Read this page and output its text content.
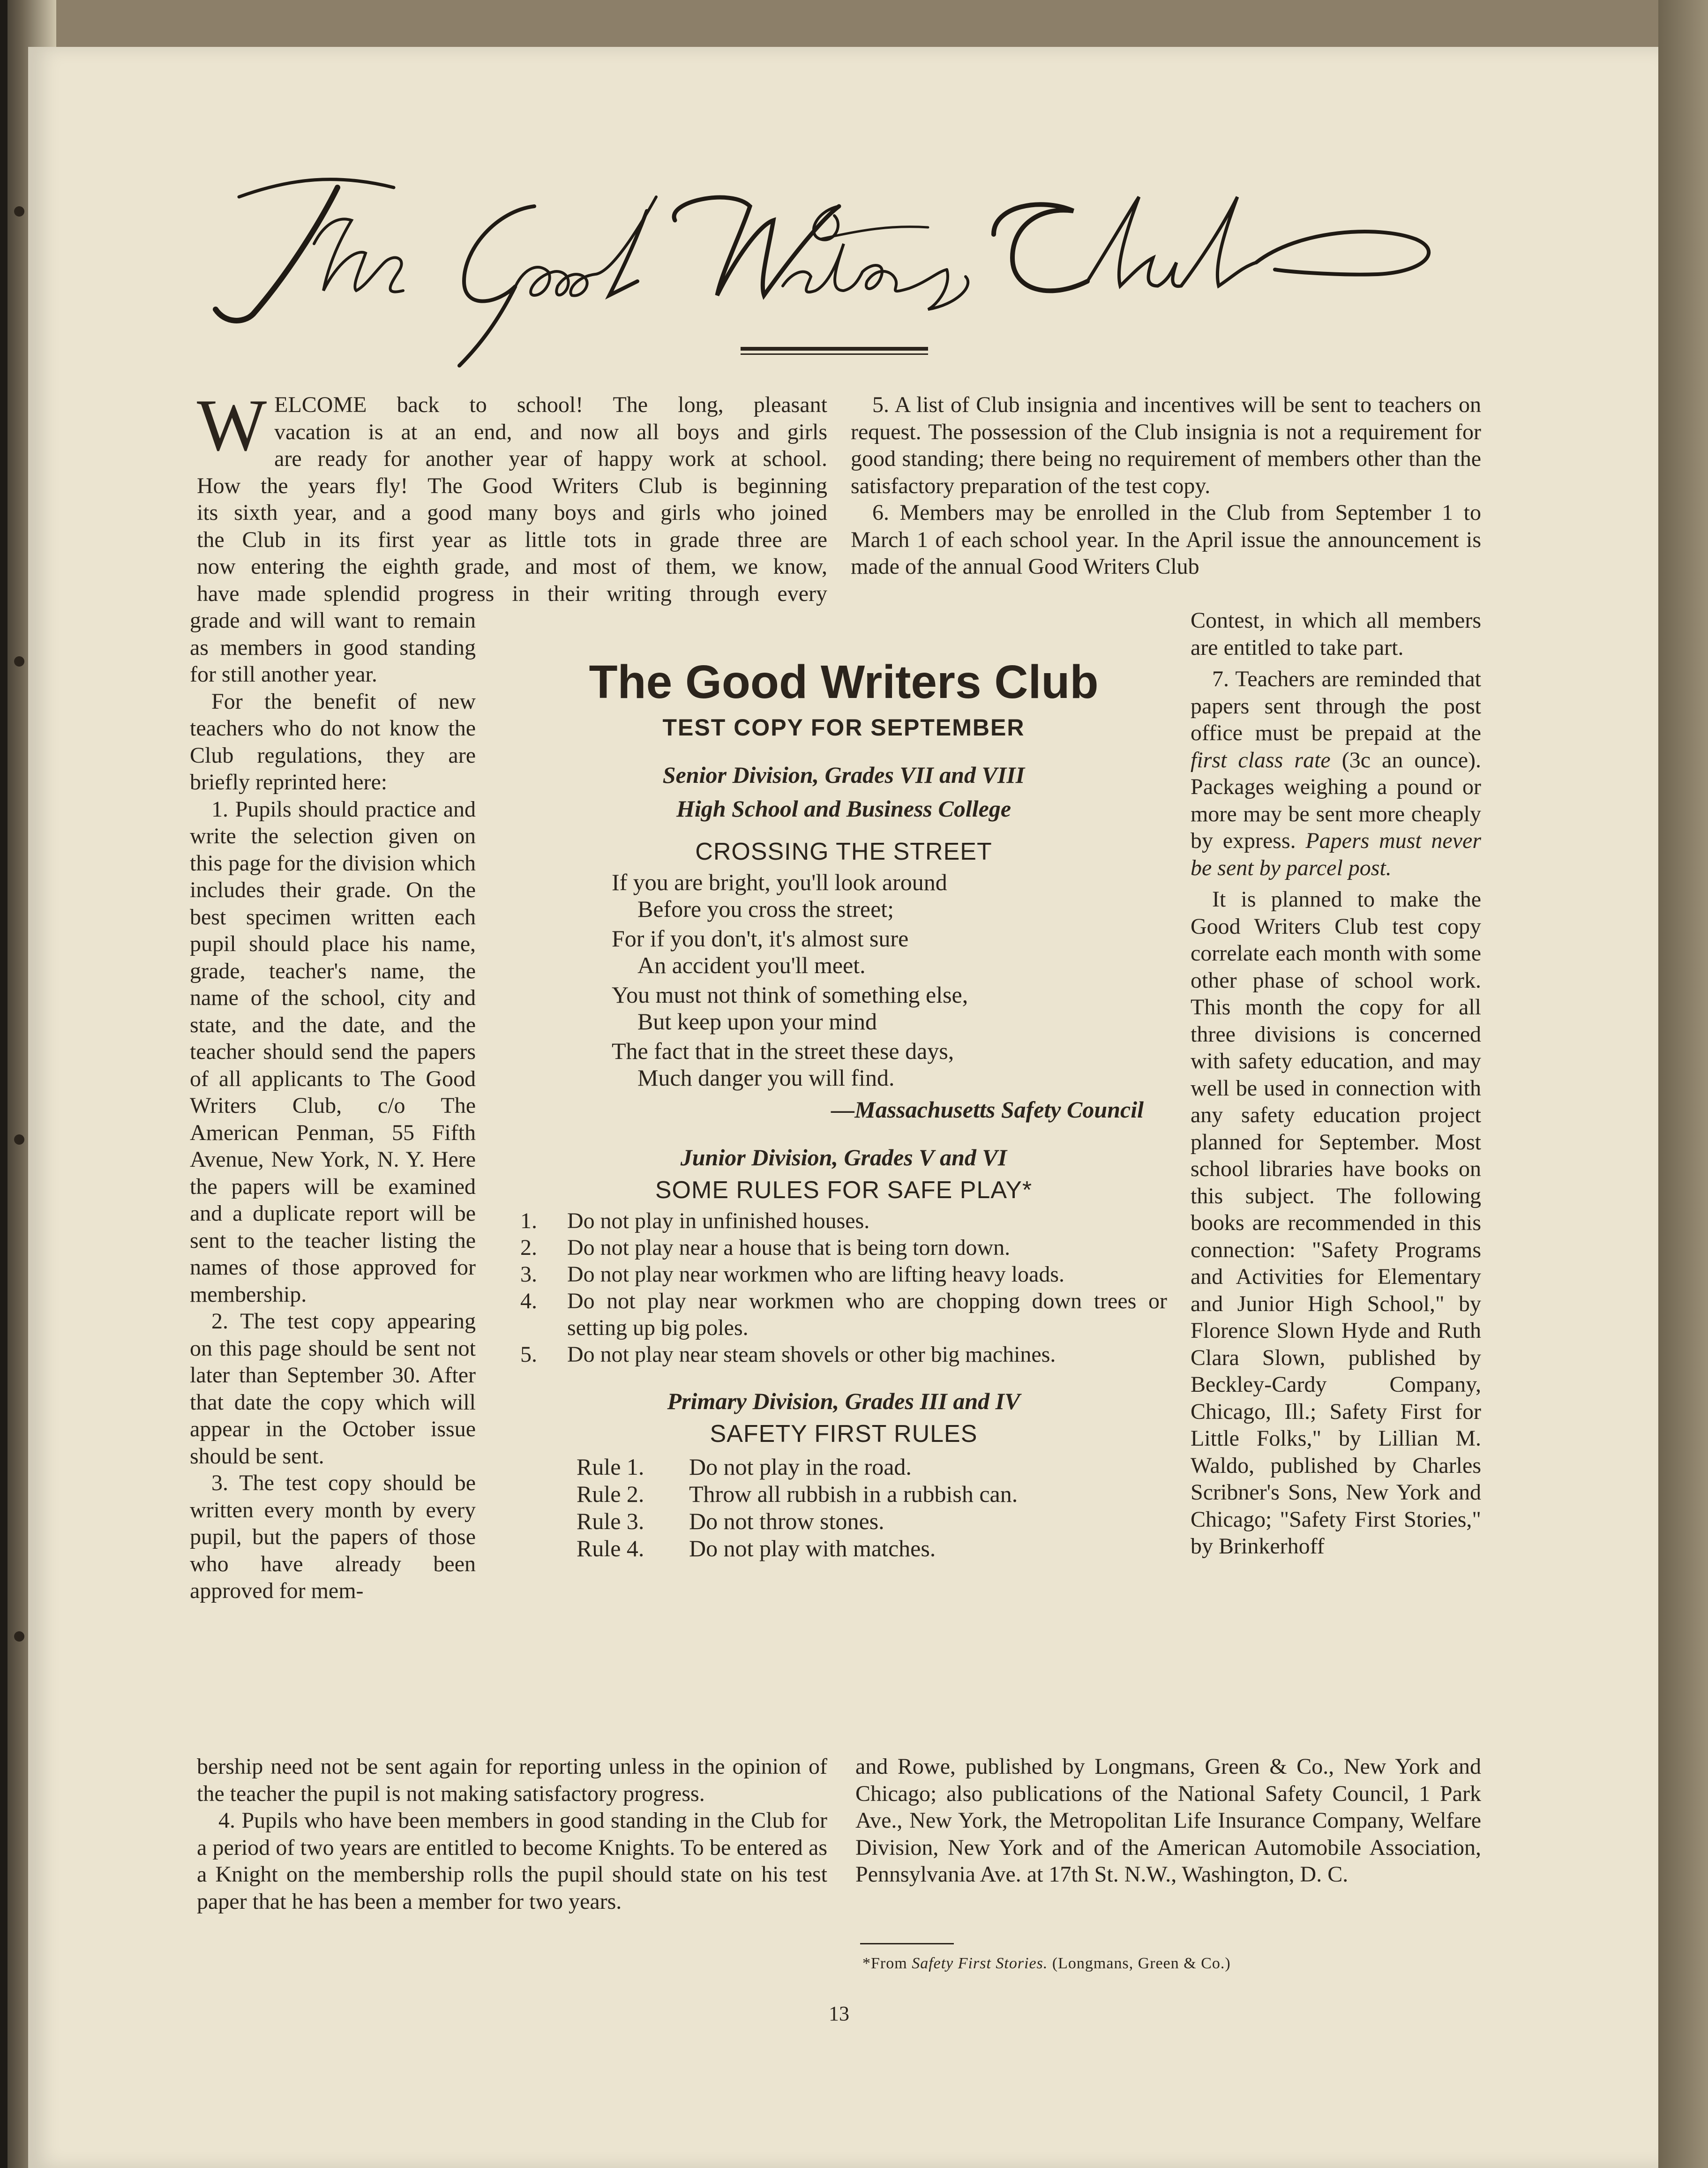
W ELCOME back to school! The long, pleasant
vacation is at an end, and now all boys and girls
are ready for another year of happy work at school.
How the years fly! The Good Writers Club is beginning
its sixth year, and a good many boys and girls who joined
the Club in its first year as little tots in grade three are
now entering the eighth grade, and most of them, we know,
have made splendid progress in their writing through every

grade and will want to remain as members in good standing for still another year.

For the benefit of new teachers who do not know the Club regulations, they are briefly reprinted here:

1. Pupils should practice and write the selection given on this page for the division which includes their grade. On the best specimen written each pupil should place his name, grade, teacher's name, the name of the school, city and state, and the date, and the teacher should send the papers of all applicants to The Good Writers Club, c/o The American Penman, 55 Fifth Avenue, New York, N. Y. Here the papers will be examined and a duplicate report will be sent to the teacher listing the names of those approved for membership.

2. The test copy appearing on this page should be sent not later than September 30. After that date the copy which will appear in the October issue should be sent.

3. The test copy should be written every month by every pupil, but the papers of those who have already been approved for mem-

bership need not be sent again for reporting unless in the opinion of the teacher the pupil is not making satisfactory progress.

4. Pupils who have been members in good standing in the Club for a period of two years are entitled to become Knights. To be entered as a Knight on the membership rolls the pupil should state on his test paper that he has been a member for two years.

5. A list of Club insignia and incentives will be sent to teachers on request. The possession of the Club insignia is not a requirement for good standing; there being no requirement of members other than the satisfactory preparation of the test copy.

6. Members may be enrolled in the Club from September 1 to March 1 of each school year. In the April issue the announcement is made of the annual Good Writers Club

Contest, in which all members are entitled to take part.

7. Teachers are reminded that papers sent through the post office must be prepaid at the first class rate (3c an ounce). Packages weighing a pound or more may be sent more cheaply by express. Papers must never be sent by parcel post.

It is planned to make the Good Writers Club test copy correlate each month with some other phase of school work. This month the copy for all three divisions is concerned with safety education, and may well be used in connection with any safety education project planned for September. Most school libraries have books on this subject. The following books are recommended in this connection: "Safety Programs and Activities for Elementary and Junior High School," by Florence Slown Hyde and Ruth Clara Slown, published by Beckley-Cardy Company, Chicago, Ill.; Safety First for Little Folks," by Lillian M. Waldo, published by Charles Scribner's Sons, New York and Chicago; "Safety First Stories," by Brinkerhoff

and Rowe, published by Longmans, Green & Co., New York and Chicago; also publications of the National Safety Council, 1 Park Ave., New York, the Metropolitan Life Insurance Company, Welfare Division, New York and of the American Automobile Association, Pennsylvania Ave. at 17th St. N.W., Washington, D. C.

*From Safety First Stories. (Longmans, Green & Co.)
13
The Good Writers Club
TEST COPY FOR SEPTEMBER
Senior Division, Grades VII and VIII
High School and Business College
CROSSING THE STREET
If you are bright, you'll look around
Before you cross the street;
For if you don't, it's almost sure
An accident you'll meet.
You must not think of something else,
But keep upon your mind
The fact that in the street these days,
Much danger you will find.
—Massachusetts Safety Council
Junior Division, Grades V and VI
SOME RULES FOR SAFE PLAY*
1.	Do not play in unfinished houses.
2.	Do not play near a house that is being torn down.
3.	Do not play near workmen who are lifting heavy loads.
4.	Do not play near workmen who are chopping down trees or setting up big poles.
5.	Do not play near steam shovels or other big machines.
Primary Division, Grades III and IV
SAFETY FIRST RULES
Rule 1.	Do not play in the road.
Rule 2.	Throw all rubbish in a rubbish can.
Rule 3.	Do not throw stones.
Rule 4.	Do not play with matches.
